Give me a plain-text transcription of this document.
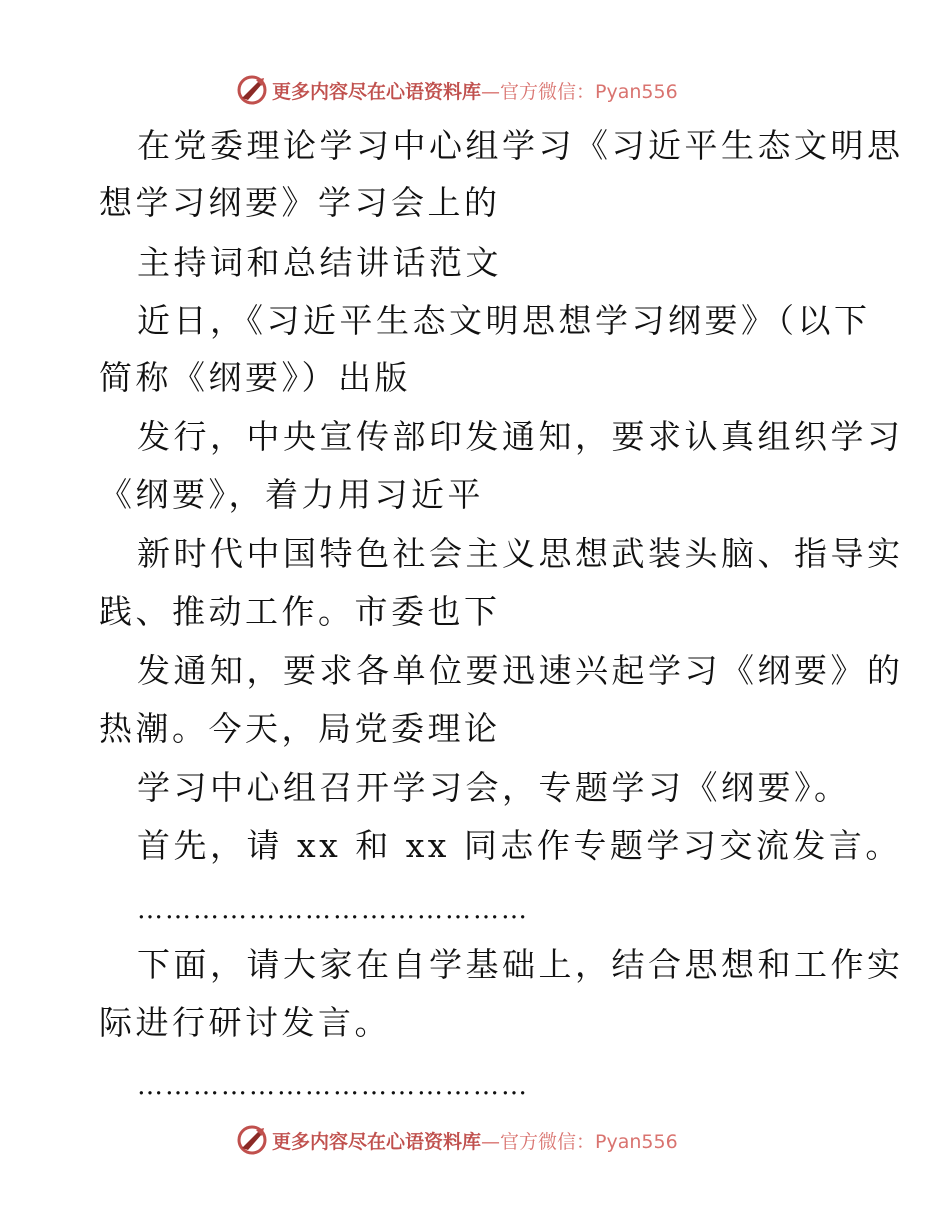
更多内容尽在心语资料库—官方微信：Pyan556
在党委理论学习中心组学习《习近平生态文明思
想学习纲要》学习会上的
主持词和总结讲话范文
近日，《习近平生态文明思想学习纲要》（以下
简称《纲要》）出版
发行，中央宣传部印发通知，要求认真组织学习
《纲要》，着力用习近平
新时代中国特色社会主义思想武装头脑、指导实
践、推动工作。市委也下
发通知，要求各单位要迅速兴起学习《纲要》的
热潮。今天，局党委理论
学习中心组召开学习会，专题学习《纲要》。
首先，请 xx 和 xx 同志作专题学习交流发言。
……………………………………
下面，请大家在自学基础上，结合思想和工作实
际进行研讨发言。
……………………………………
更多内容尽在心语资料库—官方微信：Pyan556
